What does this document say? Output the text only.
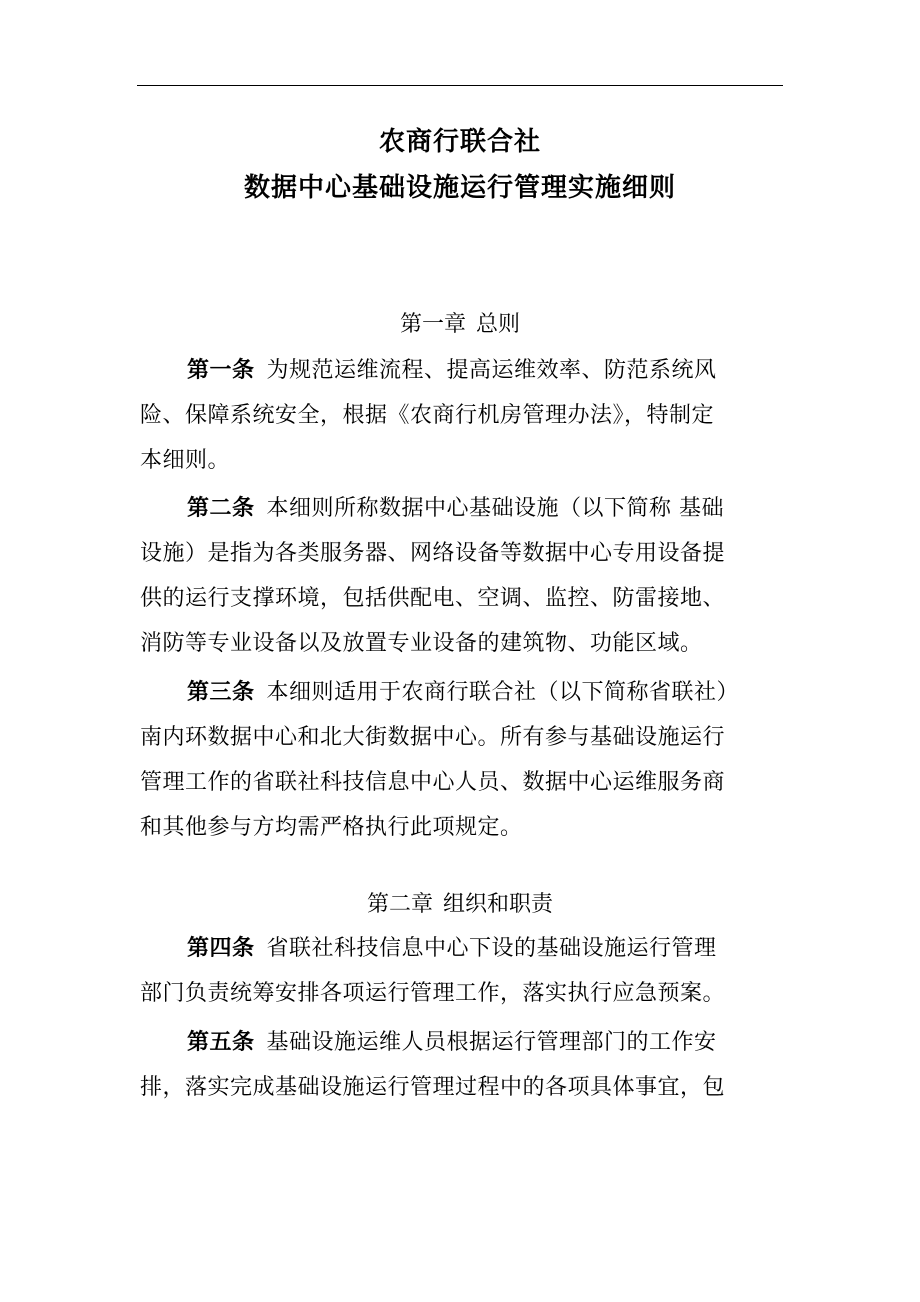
农商行联合社
数据中心基础设施运行管理实施细则
第一章 总则
第一条 为规范运维流程、提高运维效率、防范系统风
险、保障系统安全，根据《农商行机房管理办法》，特制定
本细则。
第二条 本细则所称数据中心基础设施（以下简称 基础
设施）是指为各类服务器、网络设备等数据中心专用设备提
供的运行支撑环境，包括供配电、空调、监控、防雷接地、
消防等专业设备以及放置专业设备的建筑物、功能区域。
第三条 本细则适用于农商行联合社（以下简称省联社）
南内环数据中心和北大街数据中心。所有参与基础设施运行
管理工作的省联社科技信息中心人员、数据中心运维服务商
和其他参与方均需严格执行此项规定。
第二章 组织和职责
第四条 省联社科技信息中心下设的基础设施运行管理
部门负责统筹安排各项运行管理工作，落实执行应急预案。
第五条 基础设施运维人员根据运行管理部门的工作安
排，落实完成基础设施运行管理过程中的各项具体事宜，包
